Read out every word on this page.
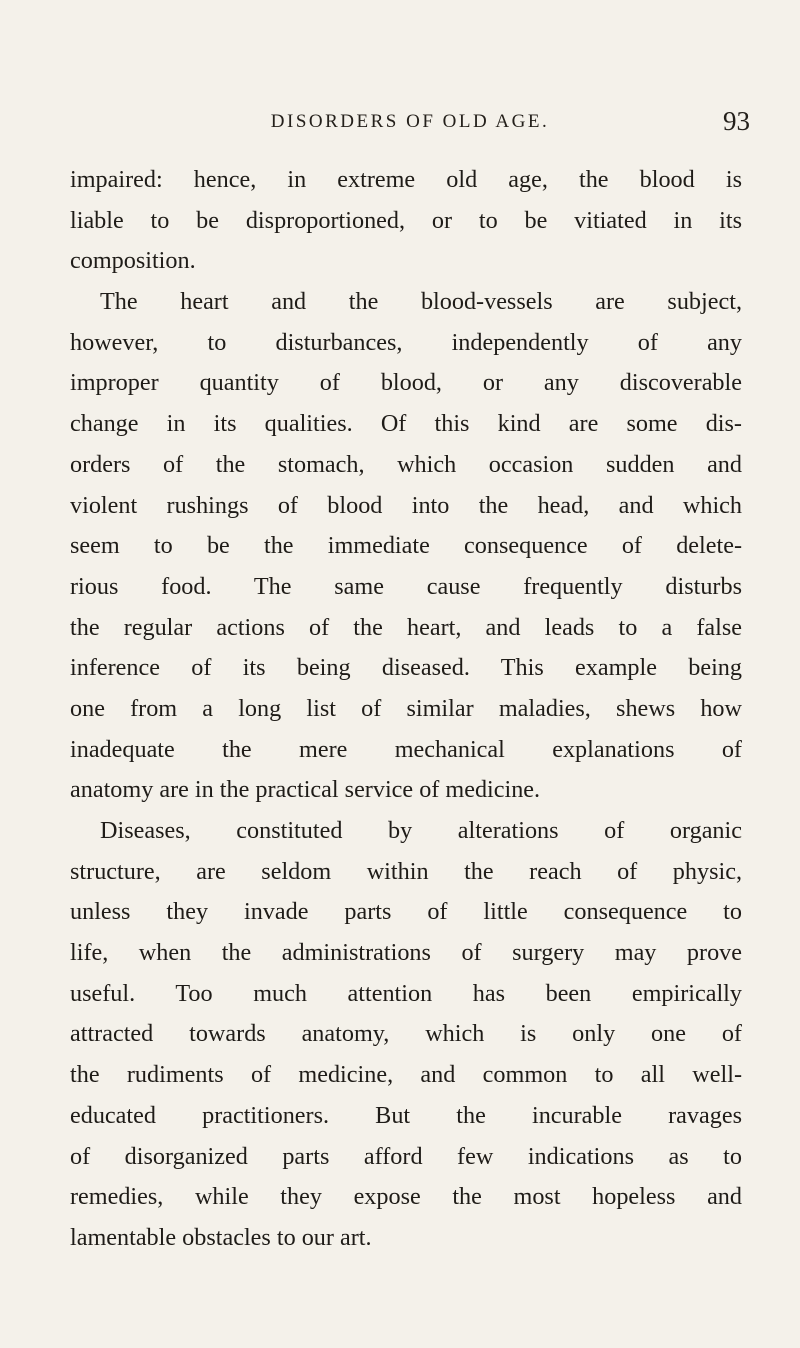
DISORDERS OF OLD AGE.	93
impaired: hence, in extreme old age, the blood is
liable to be disproportioned, or to be vitiated in its
composition.
The heart and the blood-vessels are subject,
however, to disturbances, independently of any
improper quantity of blood, or any discoverable
change in its qualities. Of this kind are some dis-
orders of the stomach, which occasion sudden and
violent rushings of blood into the head, and which
seem to be the immediate consequence of delete-
rious food. The same cause frequently disturbs
the regular actions of the heart, and leads to a false
inference of its being diseased. This example being
one from a long list of similar maladies, shews how
inadequate the mere mechanical explanations of
anatomy are in the practical service of medicine.
Diseases, constituted by alterations of organic
structure, are seldom within the reach of physic,
unless they invade parts of little consequence to
life, when the administrations of surgery may prove
useful. Too much attention has been empirically
attracted towards anatomy, which is only one of
the rudiments of medicine, and common to all well-
educated practitioners. But the incurable ravages
of disorganized parts afford few indications as to
remedies, while they expose the most hopeless and
lamentable obstacles to our art.
